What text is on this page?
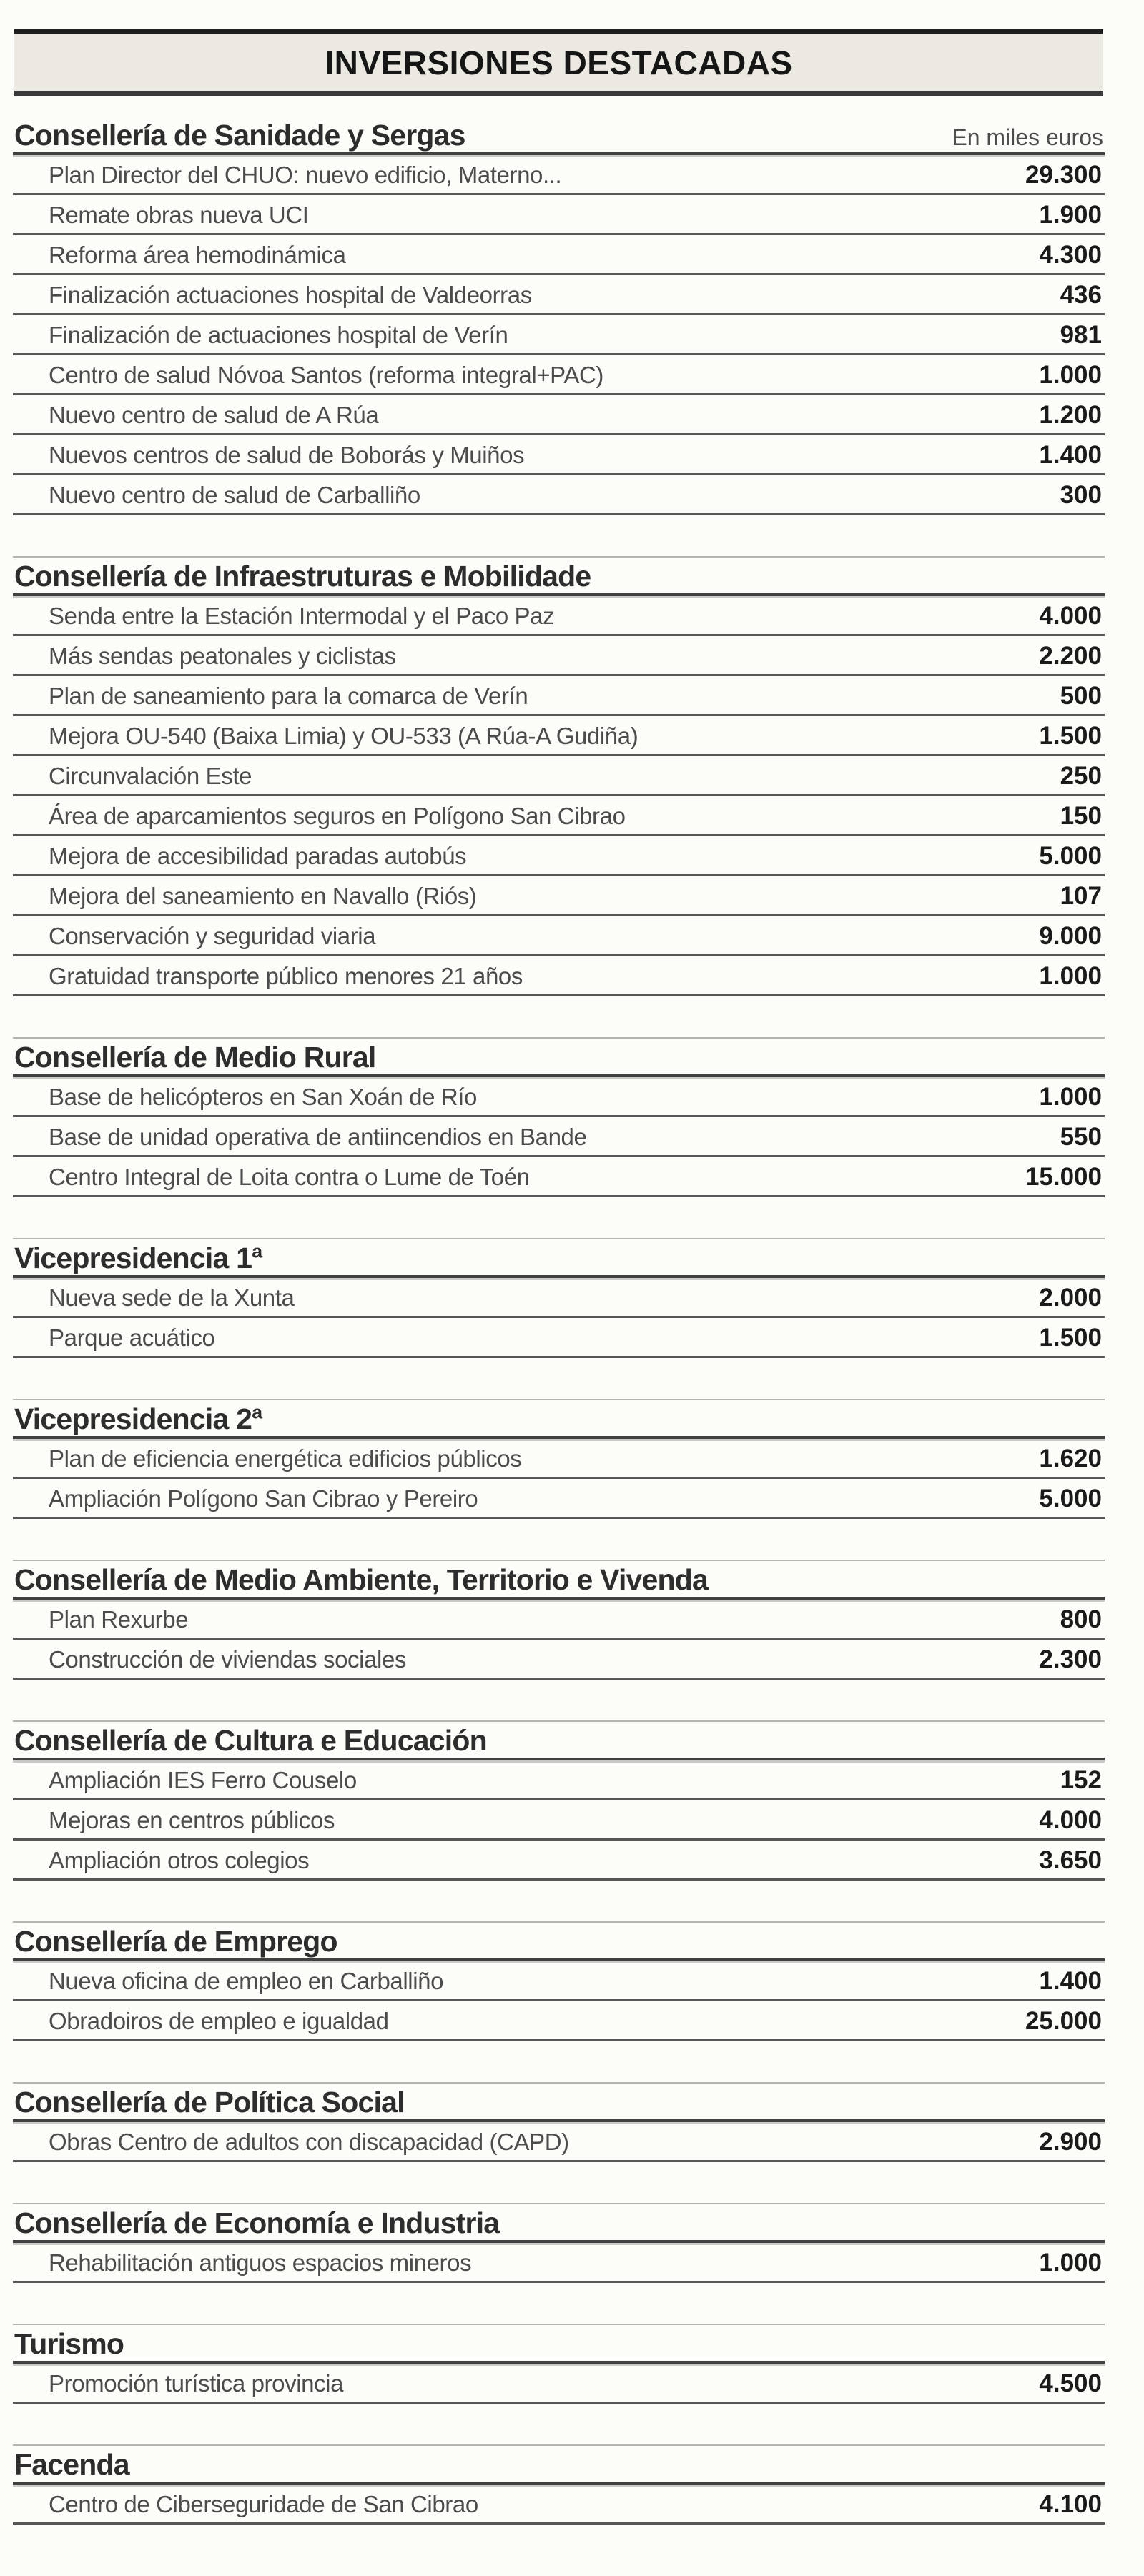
INVERSIONES DESTACADAS
Consellería de Sanidade y Sergas	En miles euros
Plan Director del CHUO: nuevo edificio, Materno...	29.300
Remate obras nueva UCI	1.900
Reforma área hemodinámica	4.300
Finalización actuaciones hospital de Valdeorras	436
Finalización de actuaciones hospital de Verín	981
Centro de salud Nóvoa Santos (reforma integral+PAC)	1.000
Nuevo centro de salud de A Rúa	1.200
Nuevos centros de salud de Boborás y Muiños	1.400
Nuevo centro de salud de Carballiño	300
Consellería de Infraestruturas e Mobilidade
Senda entre la Estación Intermodal y el Paco Paz	4.000
Más sendas peatonales y ciclistas	2.200
Plan de saneamiento para la comarca de Verín	500
Mejora OU-540 (Baixa Limia) y OU-533 (A Rúa-A Gudiña)	1.500
Circunvalación Este	250
Área de aparcamientos seguros en Polígono San Cibrao	150
Mejora de accesibilidad paradas autobús	5.000
Mejora del saneamiento en Navallo (Riós)	107
Conservación y seguridad viaria	9.000
Gratuidad transporte público menores 21 años	1.000
Consellería de Medio Rural
Base de helicópteros en San Xoán de Río	1.000
Base de unidad operativa de antiincendios en Bande	550
Centro Integral de Loita contra o Lume de Toén	15.000
Vicepresidencia 1ª
Nueva sede de la Xunta	2.000
Parque acuático	1.500
Vicepresidencia 2ª
Plan de eficiencia energética edificios públicos	1.620
Ampliación Polígono San Cibrao y Pereiro	5.000
Consellería de Medio Ambiente, Territorio e Vivenda
Plan Rexurbe	800
Construcción de viviendas sociales	2.300
Consellería de Cultura e Educación
Ampliación IES Ferro Couselo	152
Mejoras en centros públicos	4.000
Ampliación otros colegios	3.650
Consellería de Emprego
Nueva oficina de empleo en Carballiño	1.400
Obradoiros de empleo e igualdad	25.000
Consellería de Política Social
Obras Centro de adultos con discapacidad (CAPD)	2.900
Consellería de Economía e Industria
Rehabilitación antiguos espacios mineros	1.000
Turismo
Promoción turística provincia	4.500
Facenda
Centro de Ciberseguridade de San Cibrao	4.100
